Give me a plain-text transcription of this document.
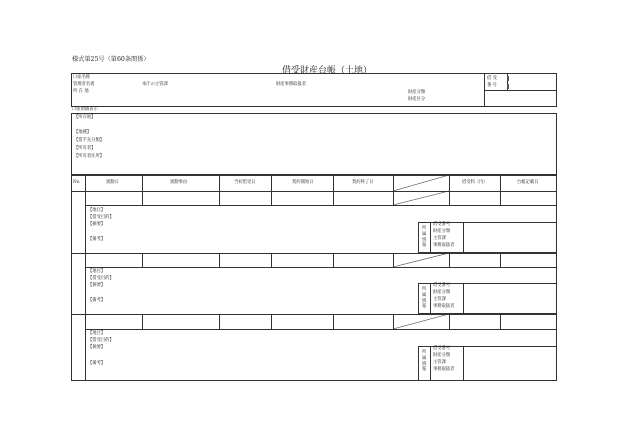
様式第25号（第60条関係）
借受財産台帳（土地）
口座名称
管理者名義
所 在 地
本庁の主管課	財産事務取扱者
財産分類
財産区分
借 受
番 号
口座閉鎖表示
【所在地】
【地種】
【借手先分類】
【所有者】
【所有者住所】
No.	異動日	異動事由	当初借受日	契約開始日	契約終了日	借受料（円）	台帳記載日
【地目】
【借受目的】
【摘要】
【備考】
所 属 情 報
借受番号
財産分類
主管課
事務取扱者
【地目】
【借受目的】
【摘要】
【備考】
所 属 情 報
借受番号
財産分類
主管課
事務取扱者
【地目】
【借受目的】
【摘要】
【備考】
所 属 情 報
借受番号
財産分類
主管課
事務取扱者
